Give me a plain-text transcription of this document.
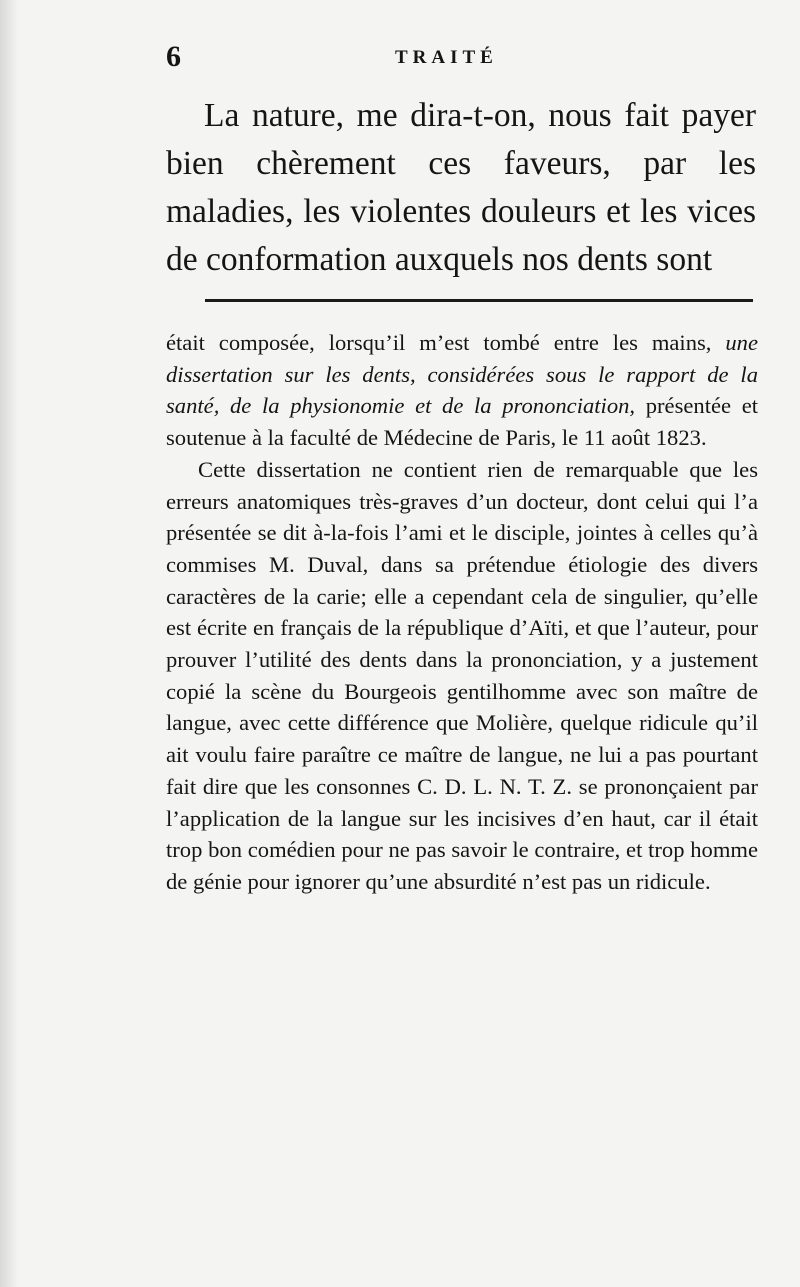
6	TRAITÉ

La nature, me dira-t-on, nous fait payer bien chèrement ces faveurs, par les maladies, les violentes douleurs et les vices de conformation auxquels nos dents sont

était composée, lorsqu’il m’est tombé entre les mains, une dissertation sur les dents, considérées sous le rapport de la santé, de la physionomie et de la prononciation, présentée et soutenue à la faculté de Médecine de Paris, le 11 août 1823.

Cette dissertation ne contient rien de remarquable que les erreurs anatomiques très-graves d’un docteur, dont celui qui l’a présentée se dit à-la-fois l’ami et le disciple, jointes à celles qu’à commises M. Duval, dans sa prétendue étiologie des divers caractères de la carie; elle a cependant cela de singulier, qu’elle est écrite en français de la république d’Aïti, et que l’auteur, pour prouver l’utilité des dents dans la prononciation, y a justement copié la scène du Bourgeois gentilhomme avec son maître de langue, avec cette différence que Molière, quelque ridicule qu’il ait voulu faire paraître ce maître de langue, ne lui a pas pourtant fait dire que les consonnes C. D. L. N. T. Z. se prononçaient par l’application de la langue sur les incisives d’en haut, car il était trop bon comédien pour ne pas savoir le contraire, et trop homme de génie pour ignorer qu’une absurdité n’est pas un ridicule.
